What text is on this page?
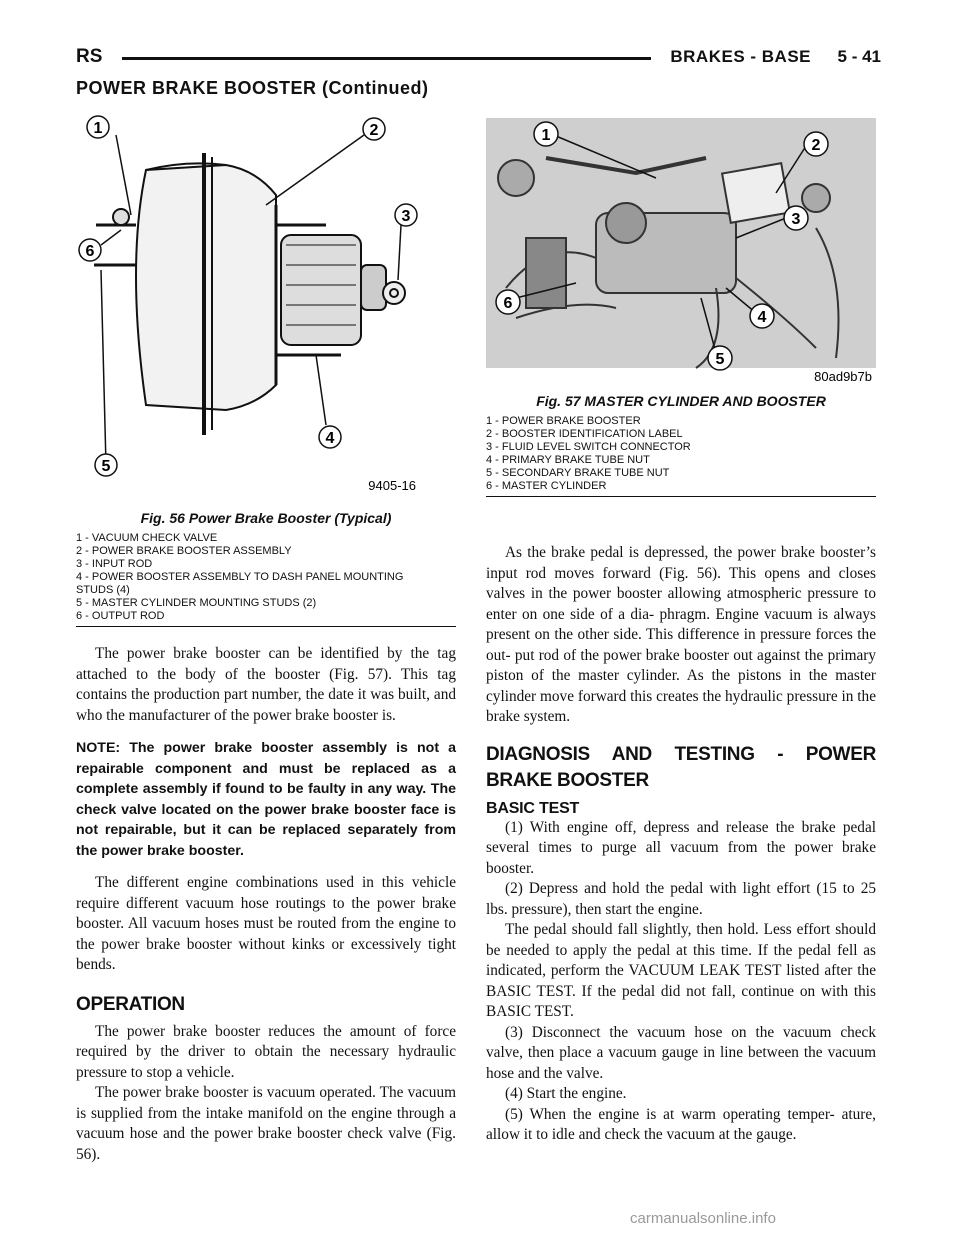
RS	BRAKES - BASE 5 - 41
POWER BRAKE BOOSTER (Continued)
1	2
3
4
5
6
9405-16
Fig. 56 Power Brake Booster (Typical)
1 - VACUUM CHECK VALVE
2 - POWER BRAKE BOOSTER ASSEMBLY
3 - INPUT ROD
4 - POWER BOOSTER ASSEMBLY TO DASH PANEL MOUNTING
STUDS (4)
5 - MASTER CYLINDER MOUNTING STUDS (2)
6 - OUTPUT ROD
1
2
3
4
5
6
80ad9b7b
Fig. 57 MASTER CYLINDER AND BOOSTER
1 - POWER BRAKE BOOSTER
2 - BOOSTER IDENTIFICATION LABEL
3 - FLUID LEVEL SWITCH CONNECTOR
4 - PRIMARY BRAKE TUBE NUT
5 - SECONDARY BRAKE TUBE NUT
6 - MASTER CYLINDER

The power brake booster can be identified by the tag attached to the body of the booster (Fig. 57). This tag contains the production part number, the date it was built, and who the manufacturer of the power brake booster is.

NOTE: The power brake booster assembly is not a repairable component and must be replaced as a complete assembly if found to be faulty in any way. The check valve located on the power brake booster face is not repairable, but it can be replaced separately from the power brake booster.

The different engine combinations used in this vehicle require different vacuum hose routings to the power brake booster. All vacuum hoses must be routed from the engine to the power brake booster without kinks or excessively tight bends.

OPERATION

The power brake booster reduces the amount of force required by the driver to obtain the necessary hydraulic pressure to stop a vehicle.

The power brake booster is vacuum operated. The vacuum is supplied from the intake manifold on the engine through a vacuum hose and the power brake booster check valve (Fig. 56).

As the brake pedal is depressed, the power brake booster’s input rod moves forward (Fig. 56). This opens and closes valves in the power booster allowing atmospheric pressure to enter on one side of a dia- phragm. Engine vacuum is always present on the other side. This difference in pressure forces the out- put rod of the power brake booster out against the primary piston of the master cylinder. As the pistons in the master cylinder move forward this creates the hydraulic pressure in the brake system.

DIAGNOSIS AND TESTING - POWER BRAKE BOOSTER
BASIC TEST

(1) With engine off, depress and release the brake pedal several times to purge all vacuum from the power brake booster.

(2) Depress and hold the pedal with light effort (15 to 25 lbs. pressure), then start the engine.

The pedal should fall slightly, then hold. Less effort should be needed to apply the pedal at this time. If the pedal fell as indicated, perform the VACUUM LEAK TEST listed after the BASIC TEST. If the pedal did not fall, continue on with this BASIC TEST.

(3) Disconnect the vacuum hose on the vacuum check valve, then place a vacuum gauge in line between the vacuum hose and the valve.

(4) Start the engine.

(5) When the engine is at warm operating temper- ature, allow it to idle and check the vacuum at the gauge.

carmanualsonline.info
